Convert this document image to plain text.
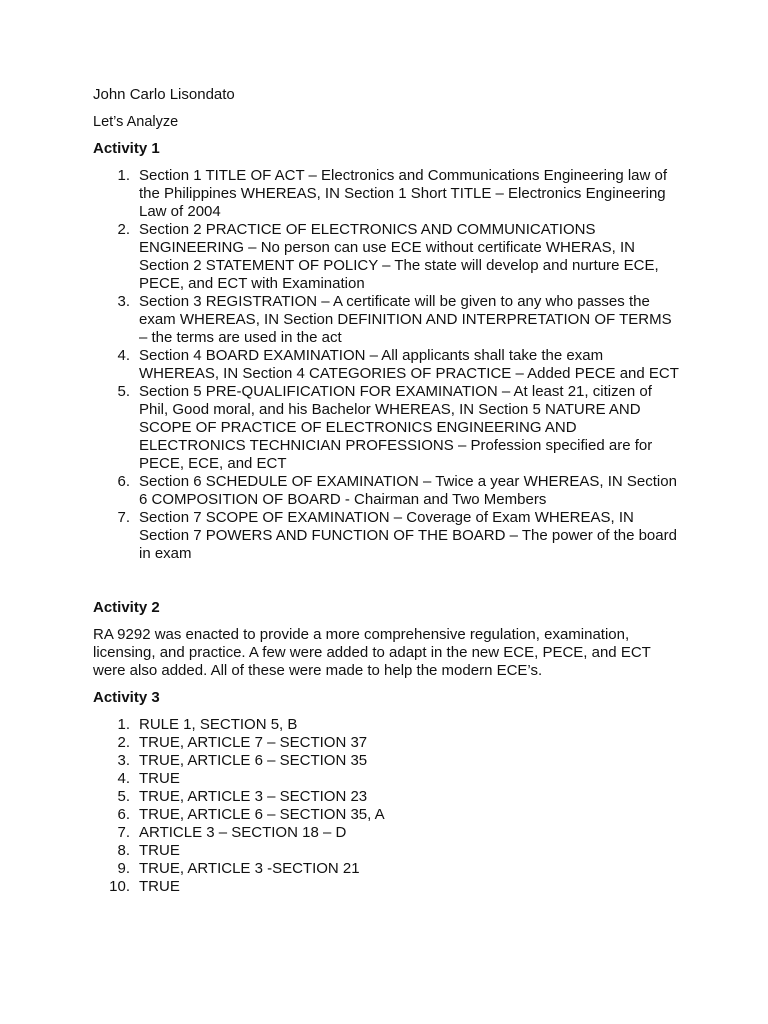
John Carlo Lisondato
Let’s Analyze
Activity 1
1. Section 1 TITLE OF ACT – Electronics and Communications Engineering law of the Philippines WHEREAS, IN Section 1 Short TITLE – Electronics Engineering Law of 2004
2. Section 2 PRACTICE OF ELECTRONICS AND COMMUNICATIONS ENGINEERING – No person can use ECE without certificate WHERAS, IN Section 2 STATEMENT OF POLICY – The state will develop and nurture ECE, PECE, and ECT with Examination
3. Section 3 REGISTRATION – A certificate will be given to any who passes the exam WHEREAS, IN Section DEFINITION AND INTERPRETATION OF TERMS – the terms are used in the act
4. Section 4 BOARD EXAMINATION – All applicants shall take the exam WHEREAS, IN Section 4 CATEGORIES OF PRACTICE – Added PECE and ECT
5. Section 5 PRE-QUALIFICATION FOR EXAMINATION – At least 21, citizen of Phil, Good moral, and his Bachelor WHEREAS, IN Section 5 NATURE AND SCOPE OF PRACTICE OF ELECTRONICS ENGINEERING AND ELECTRONICS TECHNICIAN PROFESSIONS – Profession specified are for PECE, ECE, and ECT
6. Section 6 SCHEDULE OF EXAMINATION – Twice a year WHEREAS, IN Section 6 COMPOSITION OF BOARD - Chairman and Two Members
7. Section 7 SCOPE OF EXAMINATION – Coverage of Exam WHEREAS, IN Section 7 POWERS AND FUNCTION OF THE BOARD – The power of the board in exam
Activity 2
RA 9292 was enacted to provide a more comprehensive regulation, examination, licensing, and practice. A few were added to adapt in the new ECE, PECE, and ECT were also added. All of these were made to help the modern ECE’s.
Activity 3
1. RULE 1, SECTION 5, B
2. TRUE, ARTICLE 7 – SECTION 37
3. TRUE, ARTICLE 6 – SECTION 35
4. TRUE
5. TRUE, ARTICLE 3 – SECTION 23
6. TRUE, ARTICLE 6 – SECTION 35, A
7. ARTICLE 3 – SECTION 18 – D
8. TRUE
9. TRUE, ARTICLE 3 -SECTION 21
10. TRUE
